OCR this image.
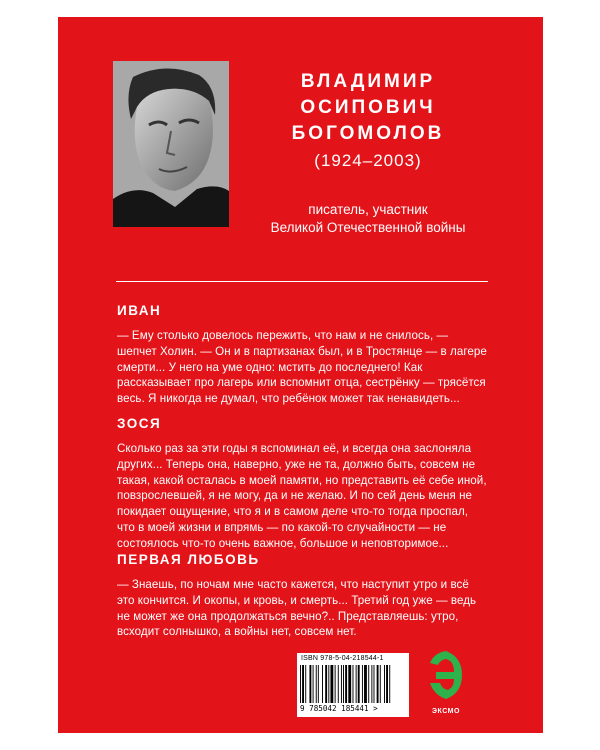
ВЛАДИМИР
ОСИПОВИЧ
БОГОМОЛОВ
(1924–2003)
писатель, участник
Великой Отечественной войны
ИВАН

— Ему столько довелось пережить, что нам и не снилось, — шепчет Холин. — Он и в партизанах был, и в Тростянце — в лагере смерти... У него на уме одно: мстить до последнего! Как рассказывает про лагерь или вспомнит отца, сестрёнку — трясётся весь. Я никогда не думал, что ребёнок может так ненавидеть...

ЗОСЯ

Сколько раз за эти годы я вспоминал её, и всегда она заслоняла других... Теперь она, наверно, уже не та, должно быть, совсем не такая, какой осталась в моей памяти, но представить её себе иной, повзрослевшей, я не могу, да и не желаю. И по сей день меня не покидает ощущение, что я и в самом деле что-то тогда проспал, что в моей жизни и впрямь — по какой-то случайности — не состоялось что-то очень важное, большое и неповторимое...

ПЕРВАЯ ЛЮБОВЬ

— Знаешь, по ночам мне часто кажется, что наступит утро и всё это кончится. И окопы, и кровь, и смерть... Третий год уже — ведь не может же она продолжаться вечно?.. Представляешь: утро, всходит солнышко, а войны нет, совсем нет.

ISBN 978-5-04-218544-1
9 785042 185441 >	ЭКСМО
